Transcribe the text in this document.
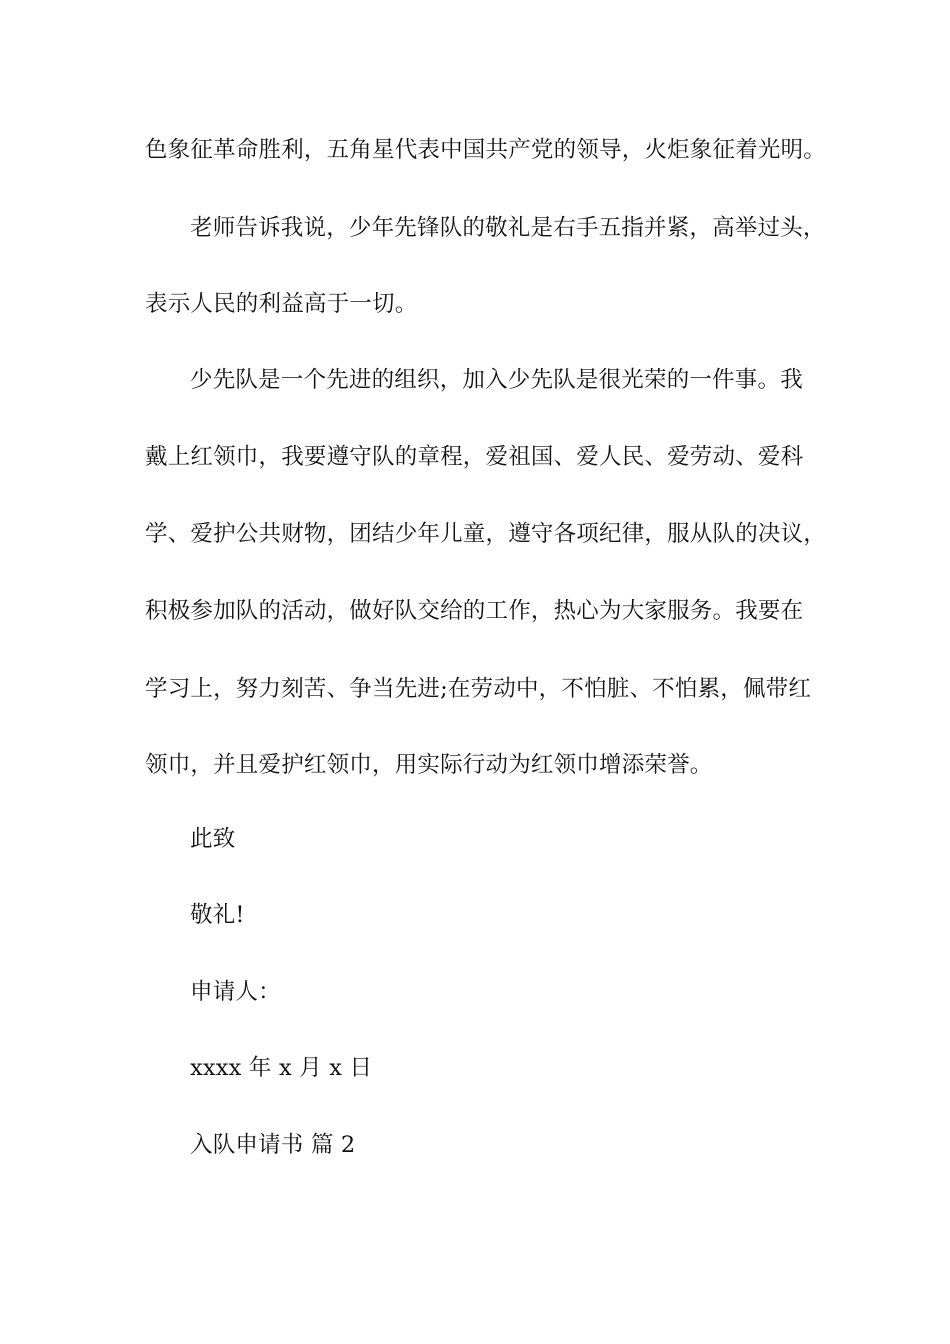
色象征革命胜利，五角星代表中国共产党的领导，火炬象征着光明。
老师告诉我说，少年先锋队的敬礼是右手五指并紧，高举过头，
表示人民的利益高于一切。
少先队是一个先进的组织，加入少先队是很光荣的一件事。我
戴上红领巾，我要遵守队的章程，爱祖国、爱人民、爱劳动、爱科
学、爱护公共财物，团结少年儿童，遵守各项纪律，服从队的决议，
积极参加队的活动，做好队交给的工作，热心为大家服务。我要在
学习上，努力刻苦、争当先进;在劳动中，不怕脏、不怕累，佩带红
领巾，并且爱护红领巾，用实际行动为红领巾增添荣誉。
此致
敬礼!
申请人：
xxxx 年 x 月 x 日
入队申请书 篇 2
